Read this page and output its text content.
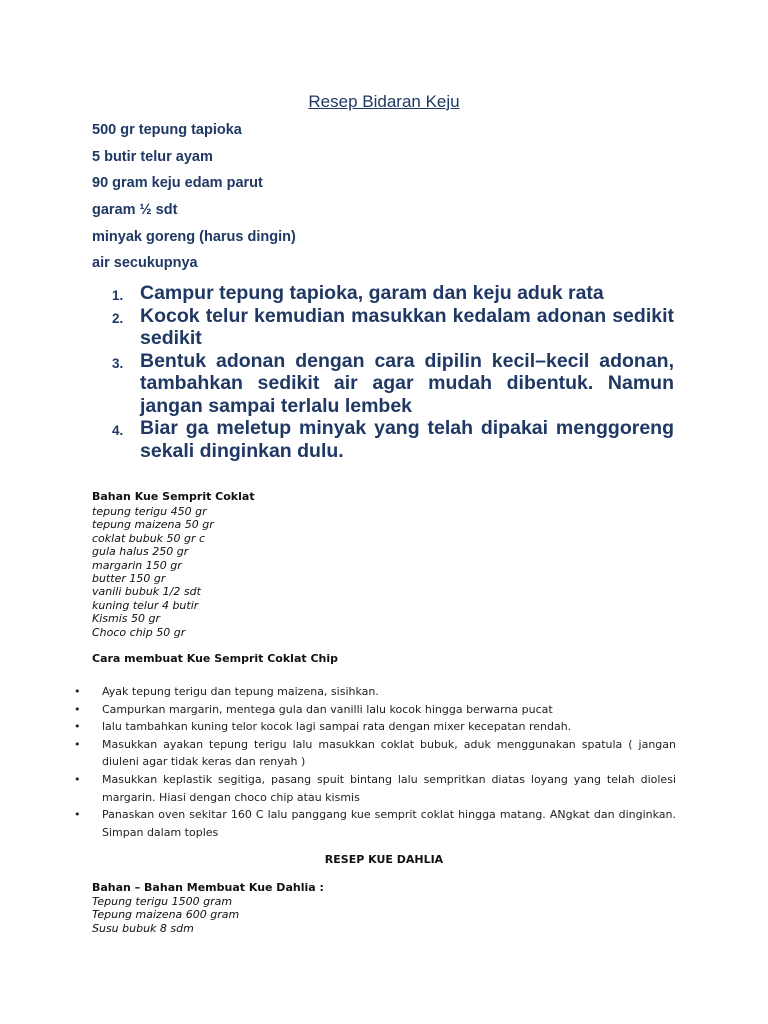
Resep Bidaran Keju
500 gr tepung tapioka
5 butir telur ayam
90 gram keju edam parut
garam ½ sdt
minyak goreng (harus dingin)
air secukupnya
1. Campur tepung tapioka, garam dan keju aduk rata
2. Kocok telur kemudian masukkan kedalam adonan sedikit sedikit
3. Bentuk adonan dengan cara dipilin kecil–kecil adonan, tambahkan sedikit air agar mudah dibentuk. Namun jangan sampai terlalu lembek
4. Biar ga meletup minyak yang telah dipakai menggoreng sekali dinginkan dulu.
Bahan Kue Semprit Coklat
tepung terigu 450 gr
tepung maizena 50 gr
coklat bubuk 50 gr c
gula halus 250 gr
margarin 150 gr
butter 150 gr
vanili bubuk 1/2 sdt
kuning telur 4 butir
Kismis 50 gr
Choco chip 50 gr
Cara membuat Kue Semprit Coklat Chip
• Ayak tepung terigu dan tepung maizena, sisihkan.
• Campurkan margarin, mentega gula dan vanilli lalu kocok hingga berwarna pucat
• lalu tambahkan kuning telor kocok lagi sampai rata dengan mixer kecepatan rendah.
• Masukkan ayakan tepung terigu lalu masukkan coklat bubuk, aduk menggunakan spatula ( jangan diuleni agar tidak keras dan renyah )
• Masukkan keplastik segitiga, pasang spuit bintang lalu sempritkan diatas loyang yang telah diolesi margarin. Hiasi dengan choco chip atau kismis
• Panaskan oven sekitar 160 C lalu panggang kue semprit coklat hingga matang. ANgkat dan dinginkan. Simpan dalam toples
RESEP KUE DAHLIA
Bahan – Bahan Membuat Kue Dahlia :
Tepung terigu 1500 gram
Tepung maizena 600 gram
Susu bubuk 8 sdm
